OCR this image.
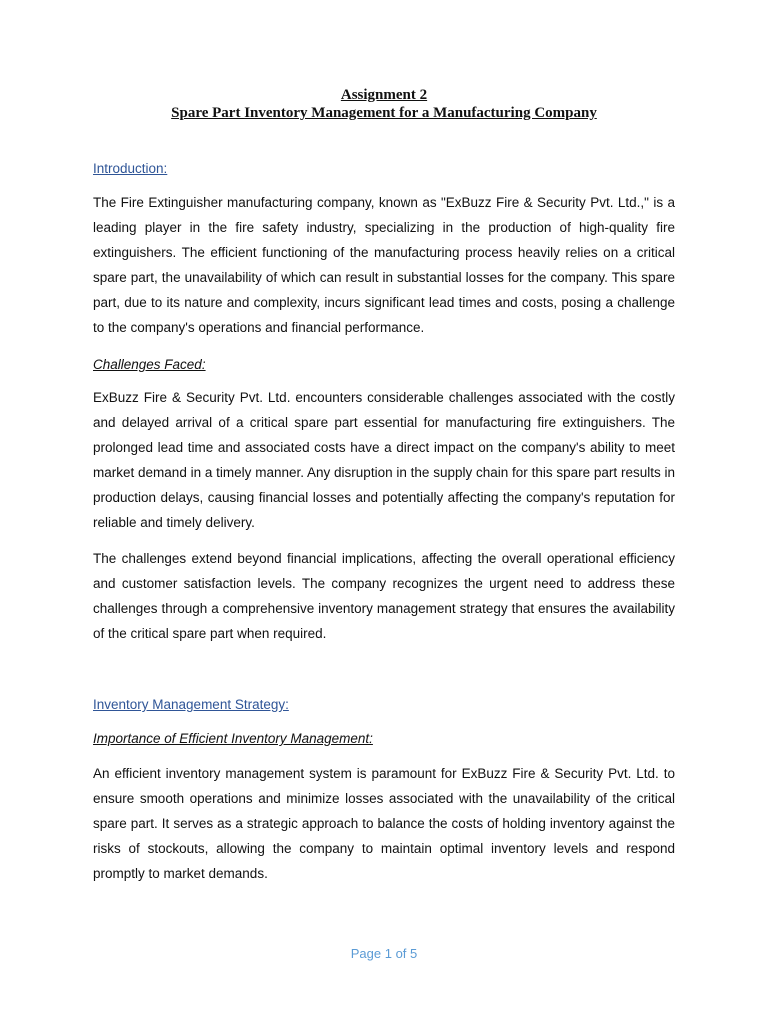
Assignment 2
Spare Part Inventory Management for a Manufacturing Company
Introduction:
The Fire Extinguisher manufacturing company, known as "ExBuzz Fire & Security Pvt. Ltd.," is a leading player in the fire safety industry, specializing in the production of high-quality fire extinguishers. The efficient functioning of the manufacturing process heavily relies on a critical spare part, the unavailability of which can result in substantial losses for the company. This spare part, due to its nature and complexity, incurs significant lead times and costs, posing a challenge to the company's operations and financial performance.
Challenges Faced:
ExBuzz Fire & Security Pvt. Ltd. encounters considerable challenges associated with the costly and delayed arrival of a critical spare part essential for manufacturing fire extinguishers. The prolonged lead time and associated costs have a direct impact on the company's ability to meet market demand in a timely manner. Any disruption in the supply chain for this spare part results in production delays, causing financial losses and potentially affecting the company's reputation for reliable and timely delivery.
The challenges extend beyond financial implications, affecting the overall operational efficiency and customer satisfaction levels. The company recognizes the urgent need to address these challenges through a comprehensive inventory management strategy that ensures the availability of the critical spare part when required.
Inventory Management Strategy:
Importance of Efficient Inventory Management:
An efficient inventory management system is paramount for ExBuzz Fire & Security Pvt. Ltd. to ensure smooth operations and minimize losses associated with the unavailability of the critical spare part. It serves as a strategic approach to balance the costs of holding inventory against the risks of stockouts, allowing the company to maintain optimal inventory levels and respond promptly to market demands.
Page 1 of 5
